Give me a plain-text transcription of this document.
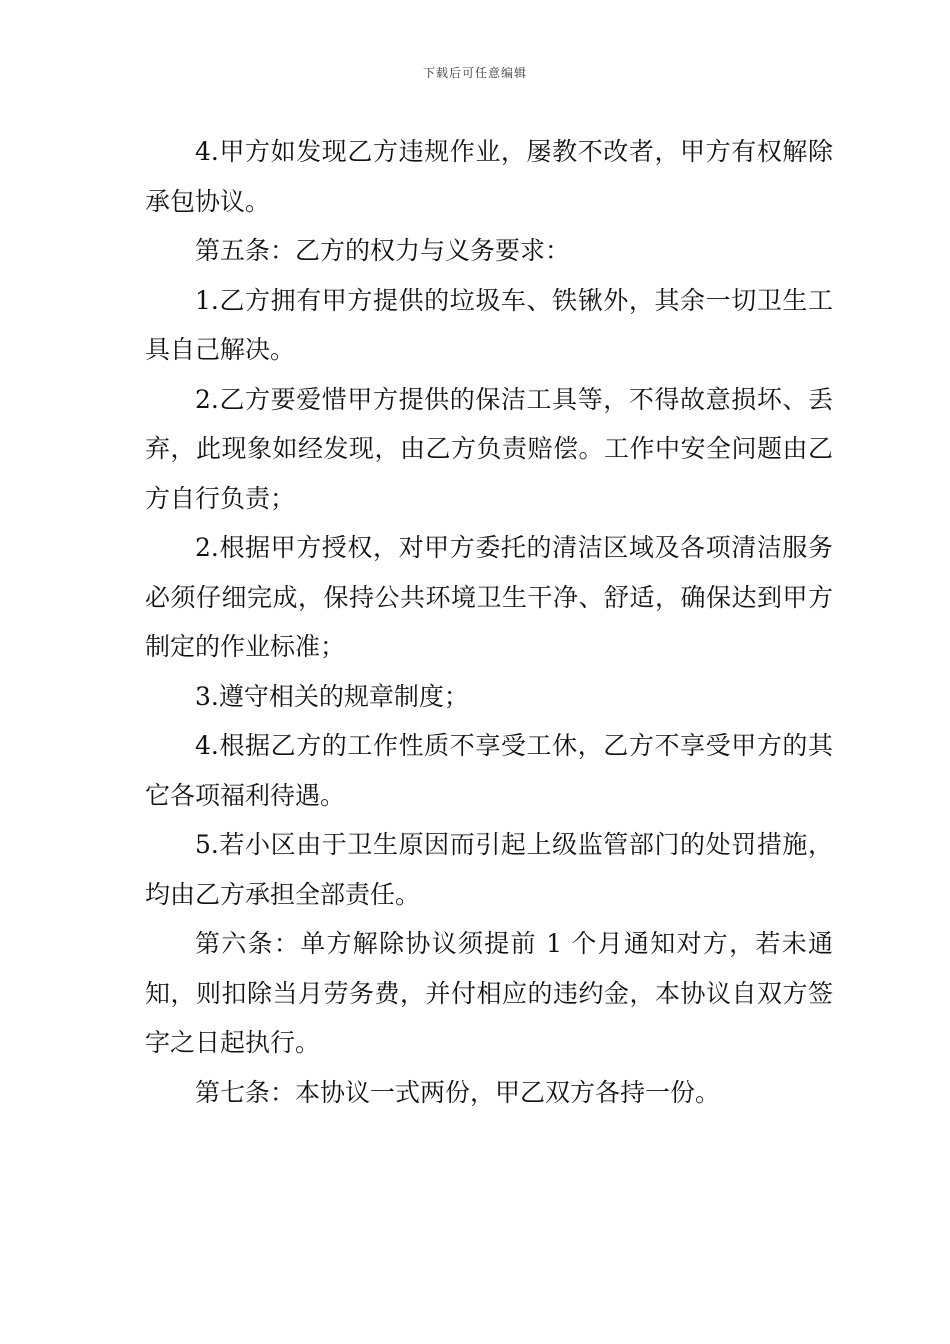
下载后可任意编辑

4.甲方如发现乙方违规作业，屡教不改者，甲方有权解除承包协议。

第五条：乙方的权力与义务要求：

1.乙方拥有甲方提供的垃圾车、铁锹外，其余一切卫生工具自己解决。

2.乙方要爱惜甲方提供的保洁工具等，不得故意损坏、丢弃，此现象如经发现，由乙方负责赔偿。工作中安全问题由乙方自行负责；

2.根据甲方授权，对甲方委托的清洁区域及各项清洁服务必须仔细完成，保持公共环境卫生干净、舒适，确保达到甲方制定的作业标准；

3.遵守相关的规章制度；

4.根据乙方的工作性质不享受工休，乙方不享受甲方的其它各项福利待遇。

5.若小区由于卫生原因而引起上级监管部门的处罚措施，均由乙方承担全部责任。

第六条：单方解除协议须提前 1 个月通知对方，若未通知，则扣除当月劳务费，并付相应的违约金，本协议自双方签字之日起执行。

第七条：本协议一式两份，甲乙双方各持一份。
